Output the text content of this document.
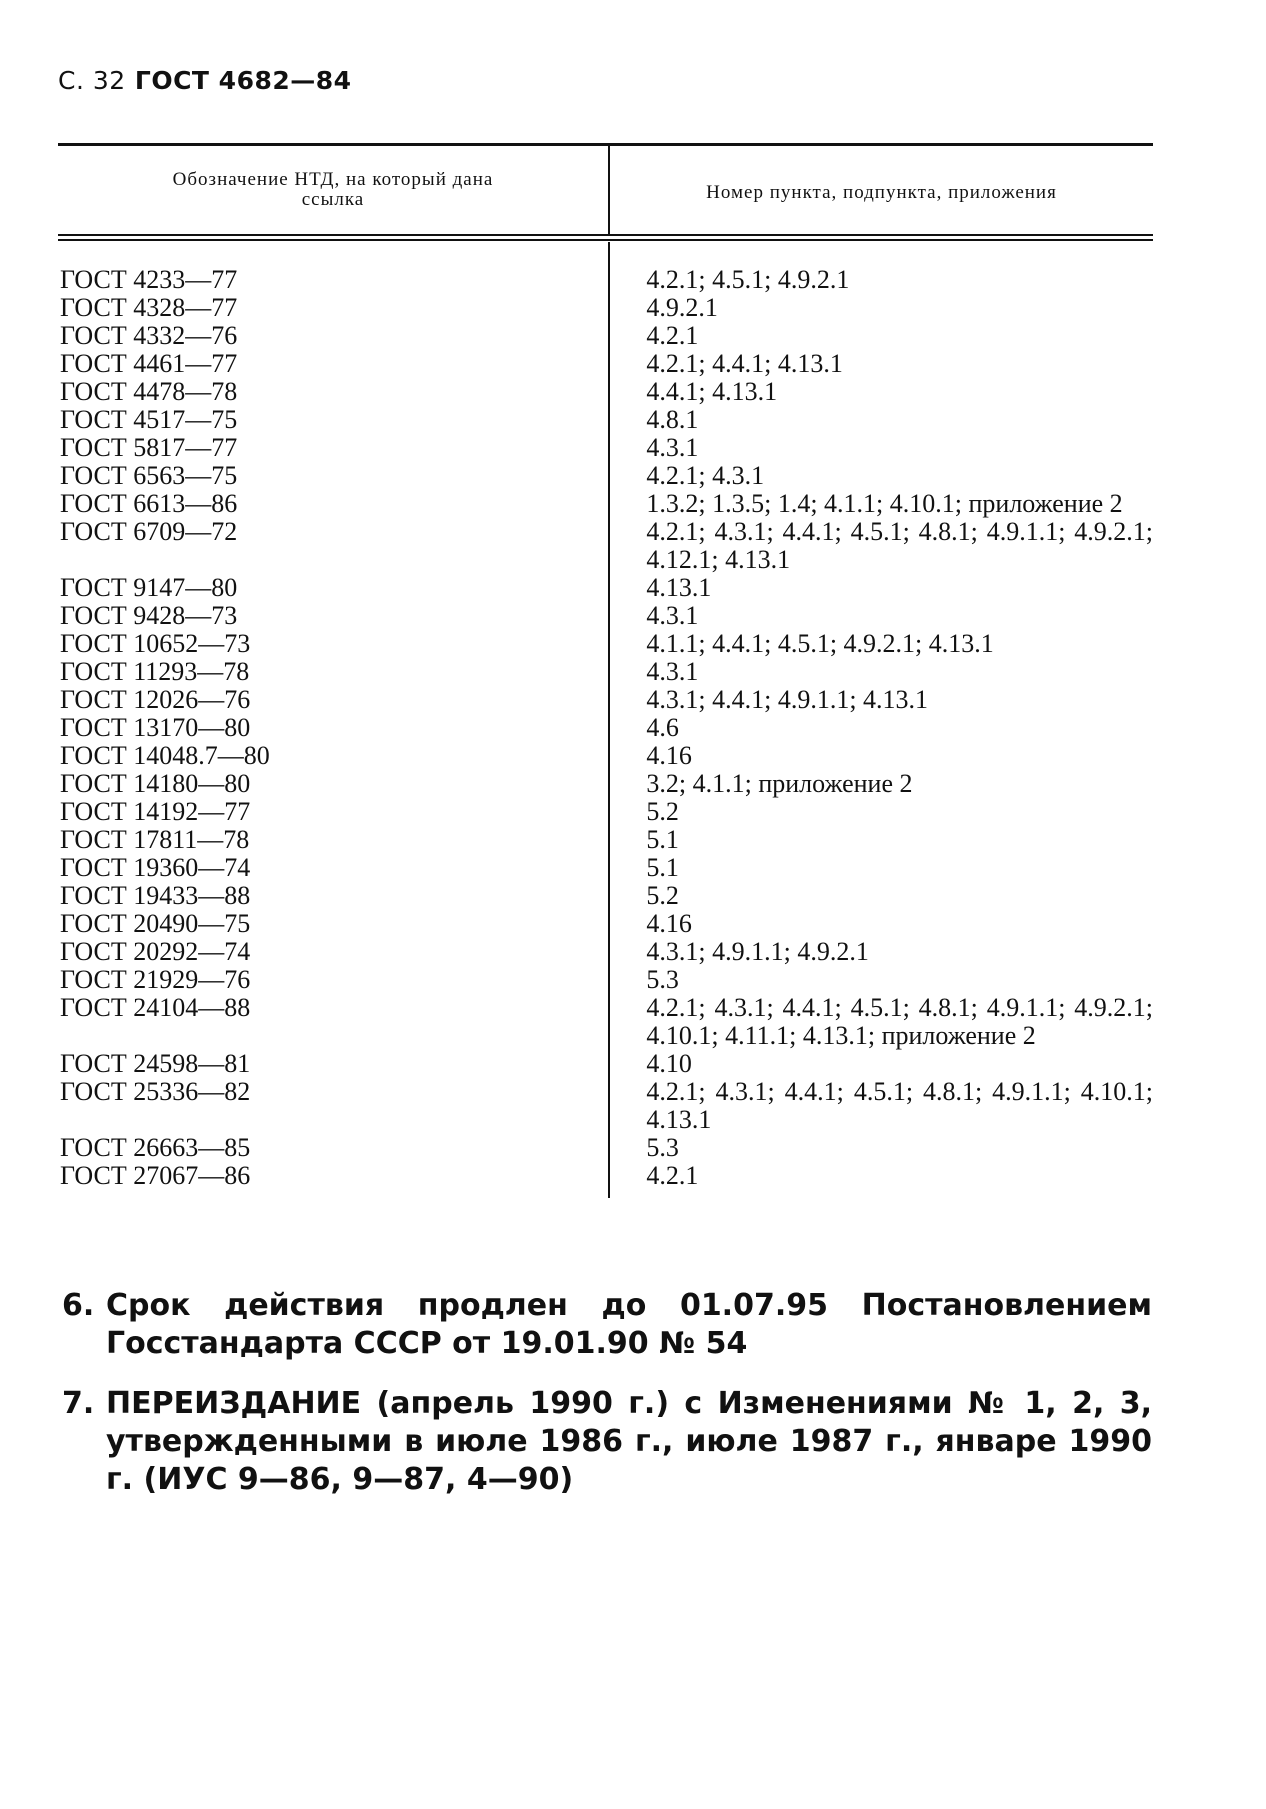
С. 32 ГОСТ 4682—84
Обозначение НТД, на который дана ссылка	Номер пункта, подпункта, приложения
ГОСТ 4233—77	4.2.1; 4.5.1; 4.9.2.1
ГОСТ 4328—77	4.9.2.1
ГОСТ 4332—76	4.2.1
ГОСТ 4461—77	4.2.1; 4.4.1; 4.13.1
ГОСТ 4478—78	4.4.1; 4.13.1
ГОСТ 4517—75	4.8.1
ГОСТ 5817—77	4.3.1
ГОСТ 6563—75	4.2.1; 4.3.1
ГОСТ 6613—86	1.3.2; 1.3.5; 1.4; 4.1.1; 4.10.1; приложение 2
ГОСТ 6709—72	4.2.1; 4.3.1; 4.4.1; 4.5.1; 4.8.1; 4.9.1.1; 4.9.2.1; 4.12.1; 4.13.1
ГОСТ 9147—80	4.13.1
ГОСТ 9428—73	4.3.1
ГОСТ 10652—73	4.1.1; 4.4.1; 4.5.1; 4.9.2.1; 4.13.1
ГОСТ 11293—78	4.3.1
ГОСТ 12026—76	4.3.1; 4.4.1; 4.9.1.1; 4.13.1
ГОСТ 13170—80	4.6
ГОСТ 14048.7—80	4.16
ГОСТ 14180—80	3.2; 4.1.1; приложение 2
ГОСТ 14192—77	5.2
ГОСТ 17811—78	5.1
ГОСТ 19360—74	5.1
ГОСТ 19433—88	5.2
ГОСТ 20490—75	4.16
ГОСТ 20292—74	4.3.1; 4.9.1.1; 4.9.2.1
ГОСТ 21929—76	5.3
ГОСТ 24104—88	4.2.1; 4.3.1; 4.4.1; 4.5.1; 4.8.1; 4.9.1.1; 4.9.2.1; 4.10.1; 4.11.1; 4.13.1; приложение 2
ГОСТ 24598—81	4.10
ГОСТ 25336—82	4.2.1; 4.3.1; 4.4.1; 4.5.1; 4.8.1; 4.9.1.1; 4.10.1; 4.13.1
ГОСТ 26663—85	5.3
ГОСТ 27067—86	4.2.1
6. Срок действия продлен до 01.07.95 Постановлением Госстандарта СССР от 19.01.90 № 54
7. ПЕРЕИЗДАНИЕ (апрель 1990 г.) с Изменениями № 1, 2, 3, утвержденными в июле 1986 г., июле 1987 г., январе 1990 г. (ИУС 9—86, 9—87, 4—90)
